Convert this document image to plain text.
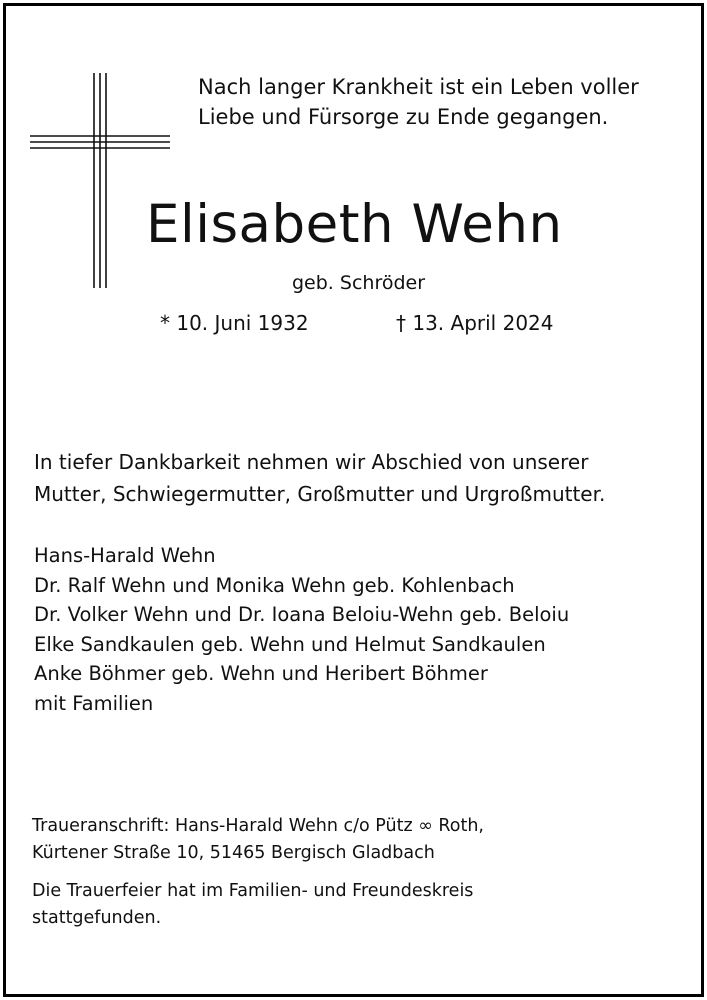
Nach langer Krankheit ist ein Leben voller
Liebe und Fürsorge zu Ende gegangen.
Elisabeth Wehn
geb. Schröder
* 10. Juni 1932	† 13. April 2024
In tiefer Dankbarkeit nehmen wir Abschied von unserer
Mutter, Schwiegermutter, Großmutter und Urgroßmutter.
Hans-Harald Wehn
Dr. Ralf Wehn und Monika Wehn geb. Kohlenbach
Dr. Volker Wehn und Dr. Ioana Beloiu-Wehn geb. Beloiu
Elke Sandkaulen geb. Wehn und Helmut Sandkaulen
Anke Böhmer geb. Wehn und Heribert Böhmer
mit Familien
Traueranschrift: Hans-Harald Wehn c/o Pütz ∞ Roth,
Kürtener Straße 10, 51465 Bergisch Gladbach
Die Trauerfeier hat im Familien- und Freundeskreis
stattgefunden.
